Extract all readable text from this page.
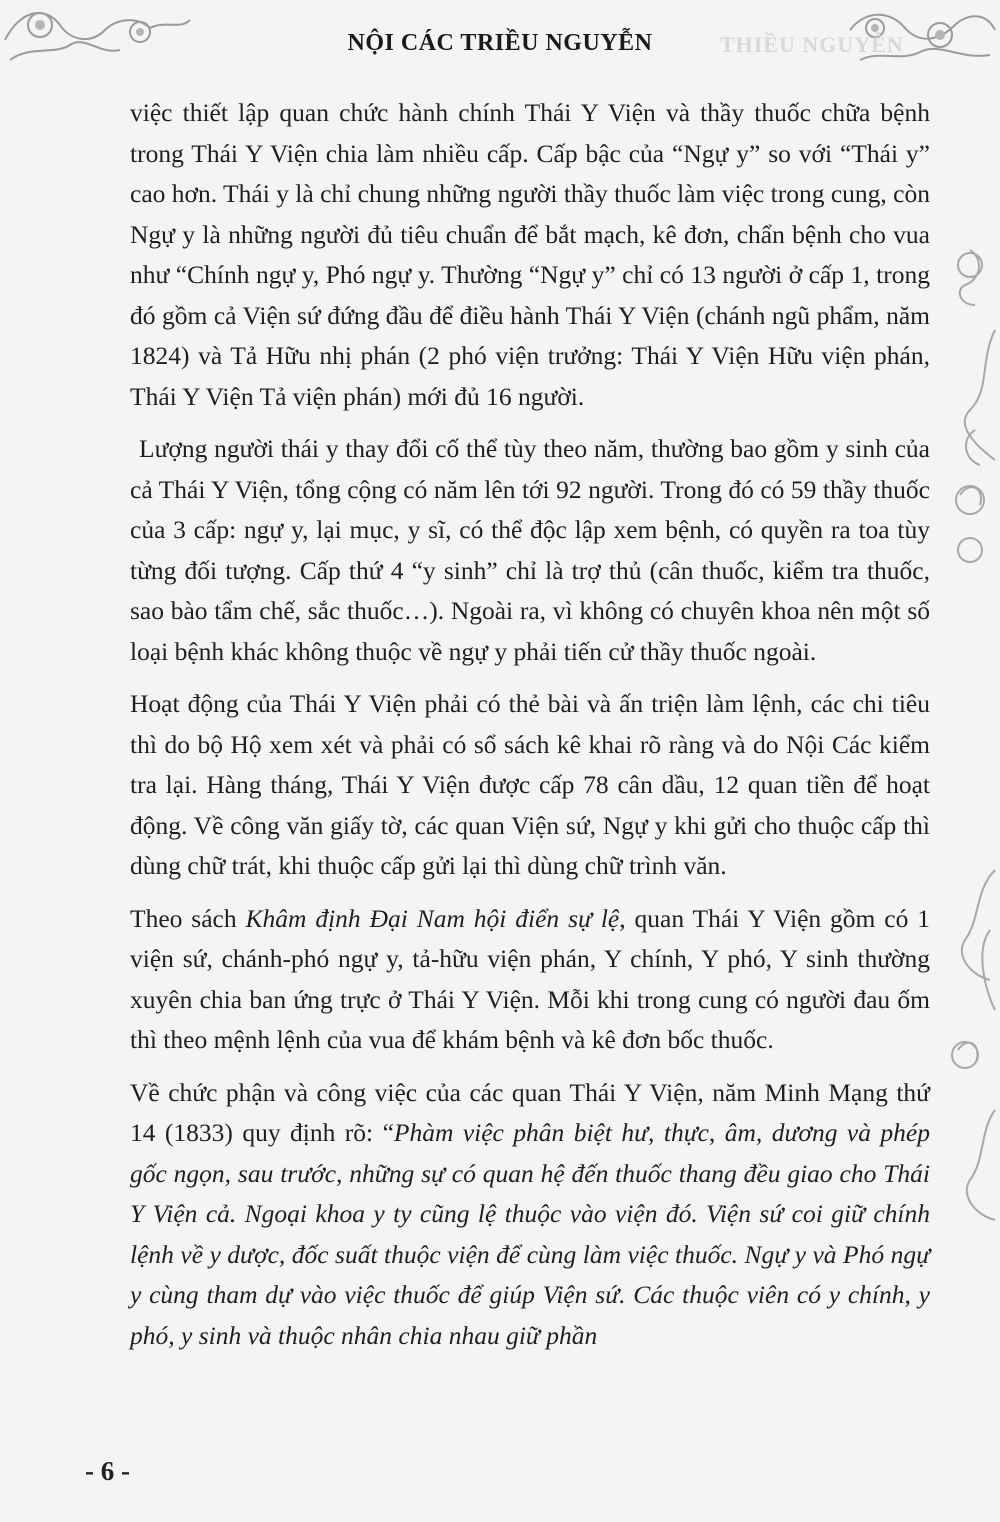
THIỀU NGUYỄN
NỘI CÁC TRIỀU NGUYỄN

việc thiết lập quan chức hành chính Thái Y Viện và thầy thuốc chữa bệnh trong Thái Y Viện chia làm nhiều cấp. Cấp bậc của “Ngự y” so với “Thái y” cao hơn. Thái y là chỉ chung những người thầy thuốc làm việc trong cung, còn Ngự y là những người đủ tiêu chuẩn để bắt mạch, kê đơn, chẩn bệnh cho vua như “Chính ngự y, Phó ngự y. Thường “Ngự y” chỉ có 13 người ở cấp 1, trong đó gồm cả Viện sứ đứng đầu để điều hành Thái Y Viện (chánh ngũ phẩm, năm 1824) và Tả Hữu nhị phán (2 phó viện trưởng: Thái Y Viện Hữu viện phán, Thái Y Viện Tả viện phán) mới đủ 16 người.

Lượng người thái y thay đổi cố thể tùy theo năm, thường bao gồm y sinh của cả Thái Y Viện, tổng cộng có năm lên tới 92 người. Trong đó có 59 thầy thuốc của 3 cấp: ngự y, lại mục, y sĩ, có thể độc lập xem bệnh, có quyền ra toa tùy từng đối tượng. Cấp thứ 4 “y sinh” chỉ là trợ thủ (cân thuốc, kiểm tra thuốc, sao bào tẩm chế, sắc thuốc…). Ngoài ra, vì không có chuyên khoa nên một số loại bệnh khác không thuộc về ngự y phải tiến cử thầy thuốc ngoài.

Hoạt động của Thái Y Viện phải có thẻ bài và ấn triện làm lệnh, các chi tiêu thì do bộ Hộ xem xét và phải có sổ sách kê khai rõ ràng và do Nội Các kiểm tra lại. Hàng tháng, Thái Y Viện được cấp 78 cân dầu, 12 quan tiền để hoạt động. Về công văn giấy tờ, các quan Viện sứ, Ngự y khi gửi cho thuộc cấp thì dùng chữ trát, khi thuộc cấp gửi lại thì dùng chữ trình văn.

Theo sách Khâm định Đại Nam hội điển sự lệ, quan Thái Y Viện gồm có 1 viện sứ, chánh-phó ngự y, tả-hữu viện phán, Y chính, Y phó, Y sinh thường xuyên chia ban ứng trực ở Thái Y Viện. Mỗi khi trong cung có người đau ốm thì theo mệnh lệnh của vua để khám bệnh và kê đơn bốc thuốc.

Về chức phận và công việc của các quan Thái Y Viện, năm Minh Mạng thứ 14 (1833) quy định rõ: “Phàm việc phân biệt hư, thực, âm, dương và phép gốc ngọn, sau trước, những sự có quan hệ đến thuốc thang đều giao cho Thái Y Viện cả. Ngoại khoa y ty cũng lệ thuộc vào viện đó. Viện sứ coi giữ chính lệnh về y dược, đốc suất thuộc viện để cùng làm việc thuốc. Ngự y và Phó ngự y cùng tham dự vào việc thuốc để giúp Viện sứ. Các thuộc viên có y chính, y phó, y sinh và thuộc nhân chia nhau giữ phần

- 6 -
